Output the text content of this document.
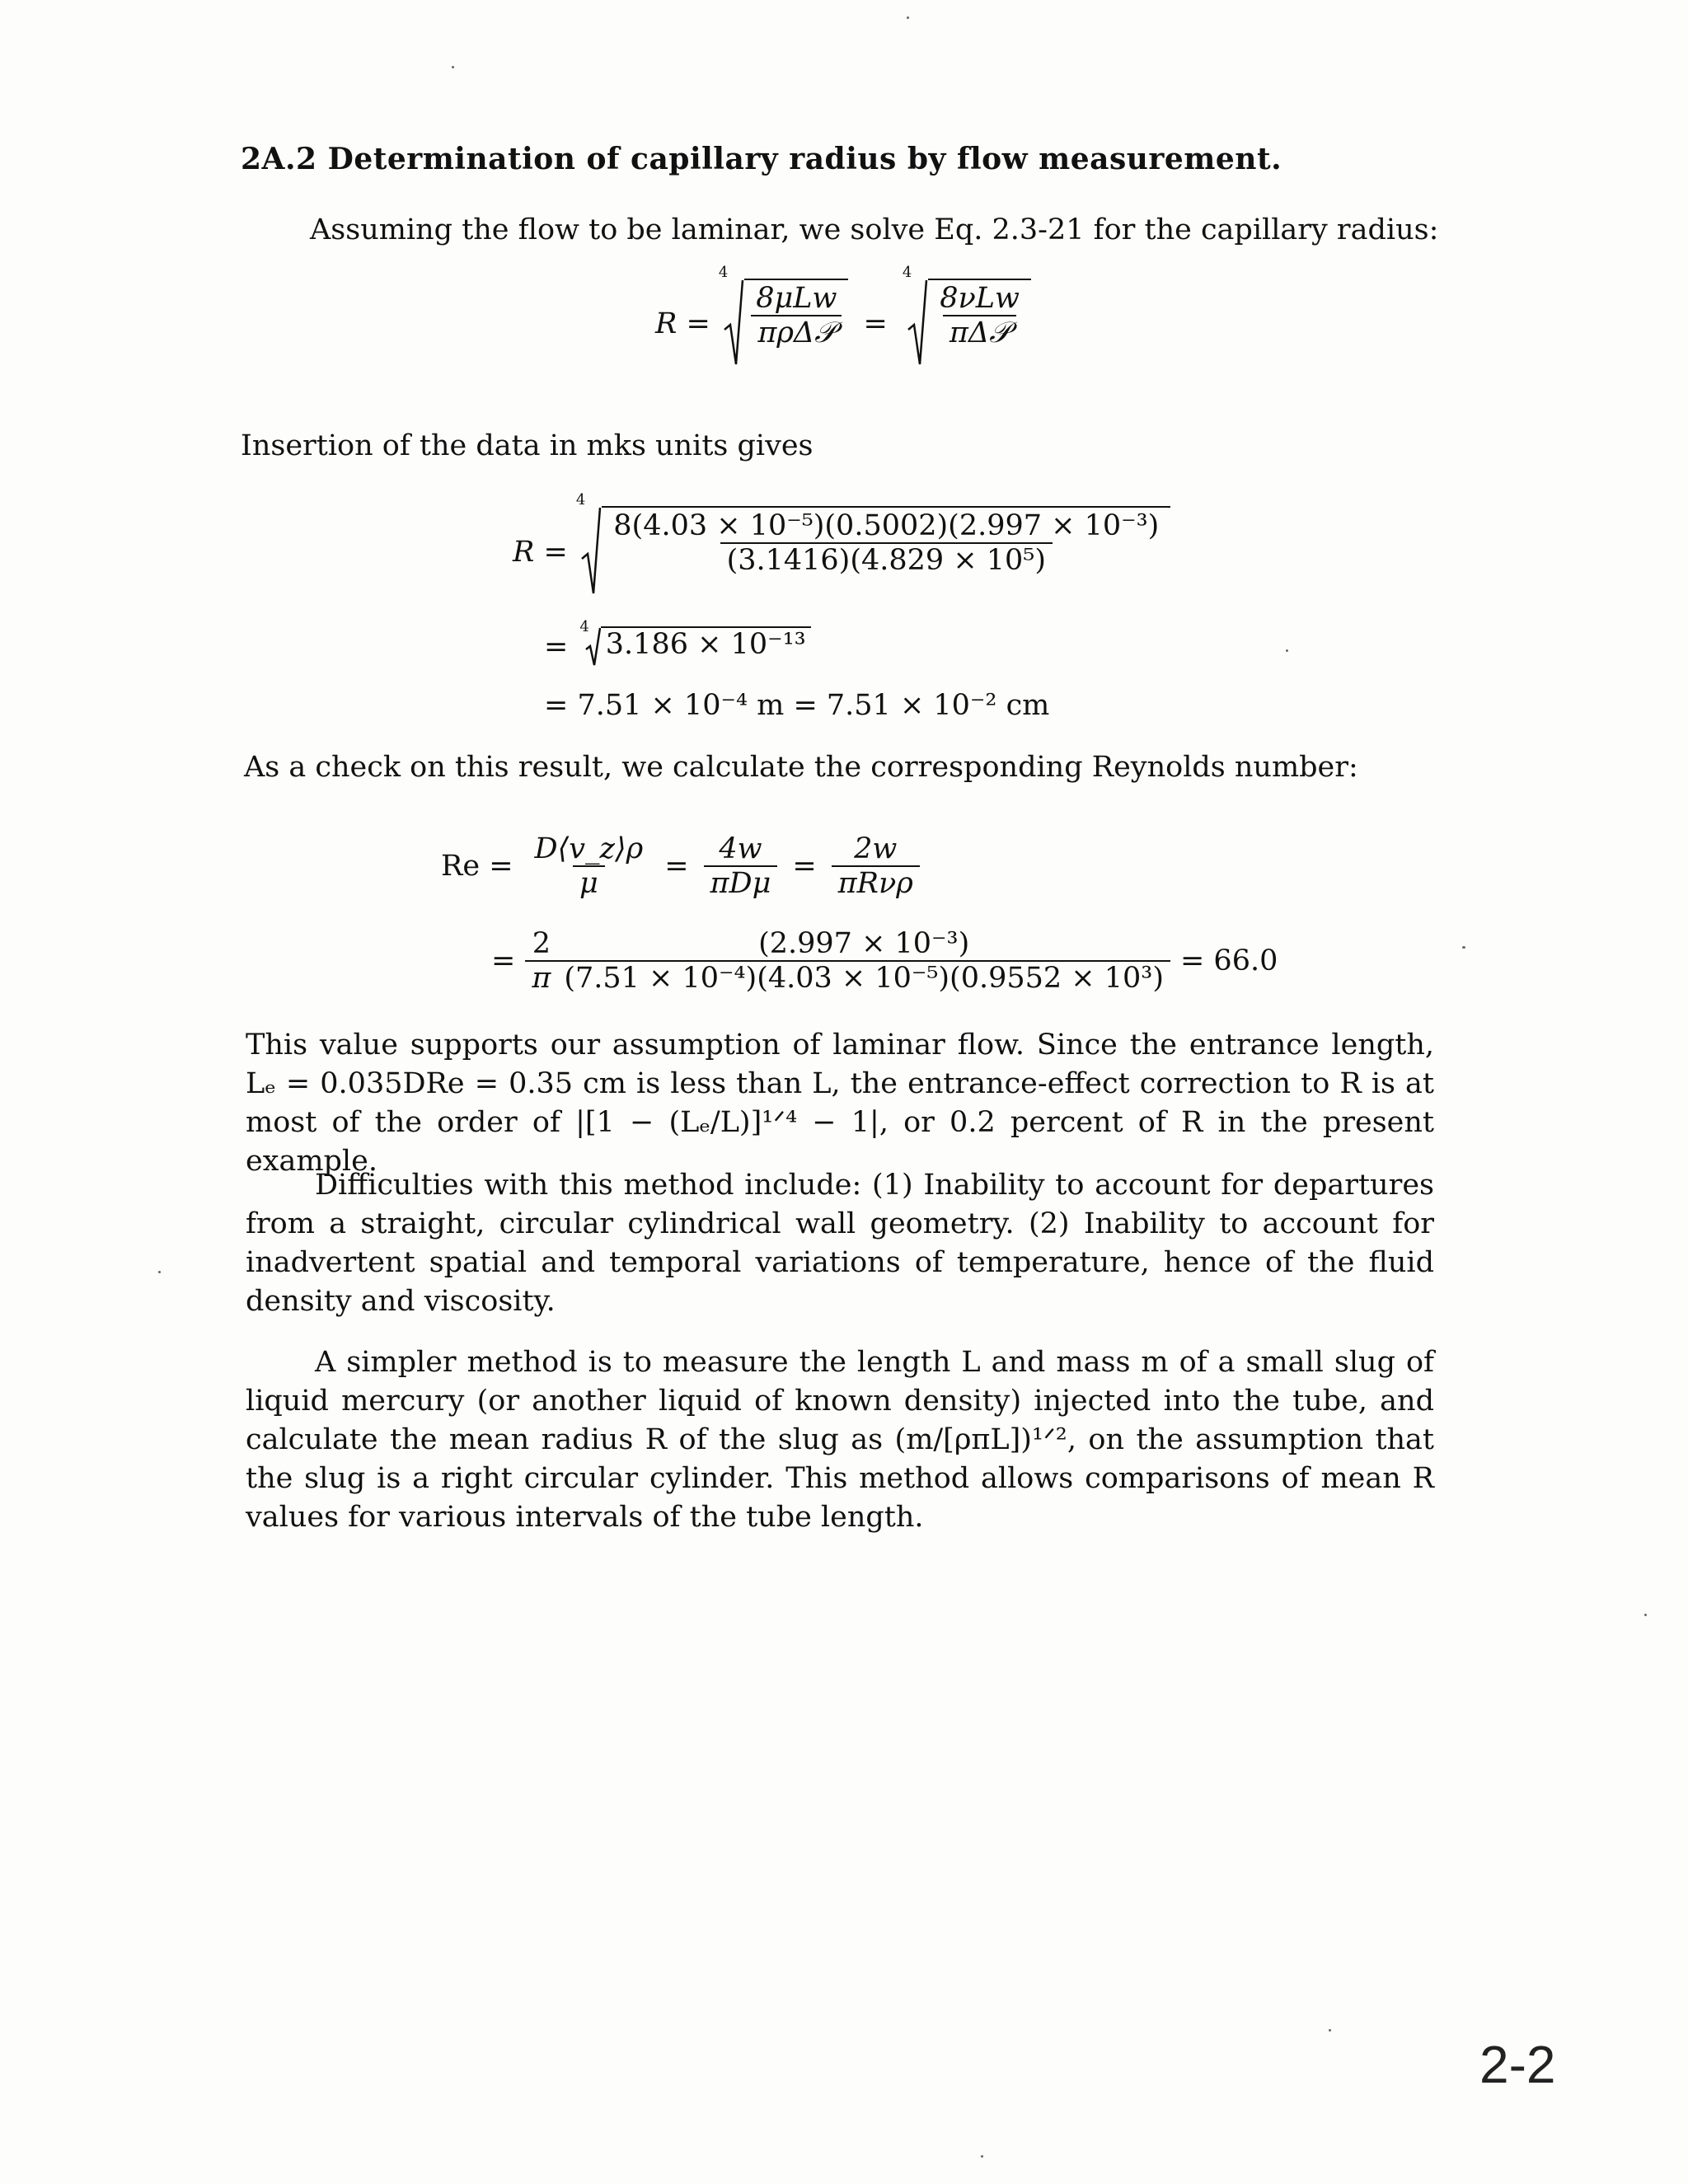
2A.2 Determination of capillary radius by flow measurement.
Assuming the flow to be laminar, we solve Eq. 2.3-21 for the capillary radius:
R =
4
$\frac{\text{8μLw}}{\text{πρΔ𝒫}}$ =
4
$\frac{\text{8νLw}}{\text{πΔ𝒫}}$
Insertion of the data in mks units gives
R =
4
$\frac{\text{8(4.03 × 10⁻⁵)(0.5002)(2.997 × 10⁻³)}}{\text{(3.1416)(4.829 × 10⁵)}}$
=
4
3.186 × 10⁻¹³
= 7.51 × 10⁻⁴ m = 7.51 × 10⁻² cm
As a check on this result, we calculate the corresponding Reynolds number:
$Re = \frac{D⟨v\_z⟩\rho}{\mu} = \frac{4w}{\text{πDμ}} = \frac{2w}{\text{πRνρ}}$
= $\frac{2}{\pi} \frac{\text{(2.997 × 10⁻³)}}{\text{(7.51 × 10⁻⁴)(4.03 × 10⁻⁵)(0.9552 × 10³)}} = 66.0$
This value supports our assumption of laminar flow. Since the entrance length, Lₑ = 0.035DRe = 0.35 cm is less than L, the entrance-effect correction to R is at most of the order of |[1 − (Lₑ/L)]¹ᐟ⁴ − 1|, or 0.2 percent of R in the present example.
Difficulties with this method include: (1) Inability to account for departures from a straight, circular cylindrical wall geometry. (2) Inability to account for inadvertent spatial and temporal variations of temperature, hence of the fluid density and viscosity.
A simpler method is to measure the length L and mass m of a small slug of liquid mercury (or another liquid of known density) injected into the tube, and calculate the mean radius R of the slug as (m/[ρπL])¹ᐟ², on the assumption that the slug is a right circular cylinder. This method allows comparisons of mean R values for various intervals of the tube length.
2-2
